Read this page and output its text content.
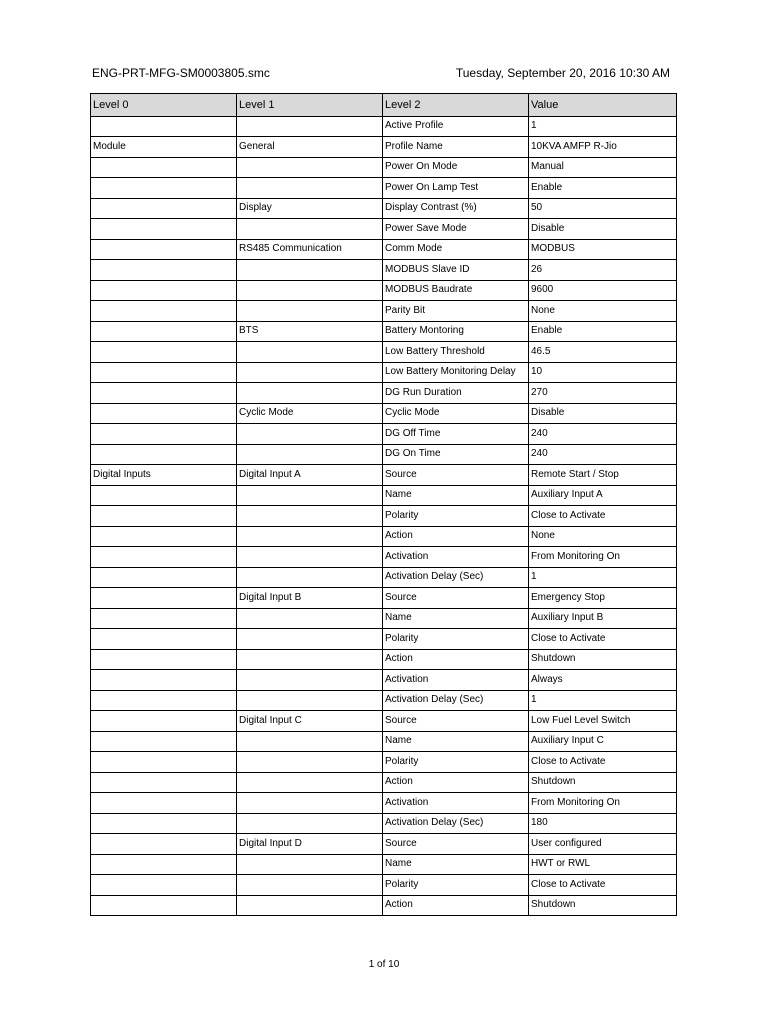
ENG-PRT-MFG-SM0003805.smc	Tuesday, September 20, 2016 10:30 AM
Level 0	Level 1	Level 2	Value
		Active Profile	1
Module	General	Profile Name	10KVA AMFP R-Jio
		Power On Mode	Manual
		Power On Lamp Test	Enable
	Display	Display Contrast (%)	50
		Power Save Mode	Disable
	RS485 Communication	Comm Mode	MODBUS
		MODBUS Slave ID	26
		MODBUS Baudrate	9600
		Parity Bit	None
	BTS	Battery Montoring	Enable
		Low Battery Threshold	46.5
		Low Battery Monitoring Delay	10
		DG Run Duration	270
	Cyclic Mode	Cyclic Mode	Disable
		DG Off Time	240
		DG On Time	240
Digital Inputs	Digital Input A	Source	Remote Start / Stop
		Name	Auxiliary Input A
		Polarity	Close to Activate
		Action	None
		Activation	From Monitoring On
		Activation Delay (Sec)	1
	Digital Input B	Source	Emergency Stop
		Name	Auxiliary Input B
		Polarity	Close to Activate
		Action	Shutdown
		Activation	Always
		Activation Delay (Sec)	1
	Digital Input C	Source	Low Fuel Level Switch
		Name	Auxiliary Input C
		Polarity	Close to Activate
		Action	Shutdown
		Activation	From Monitoring On
		Activation Delay (Sec)	180
	Digital Input D	Source	User configured
		Name	HWT or RWL
		Polarity	Close to Activate
		Action	Shutdown
1 of 10
